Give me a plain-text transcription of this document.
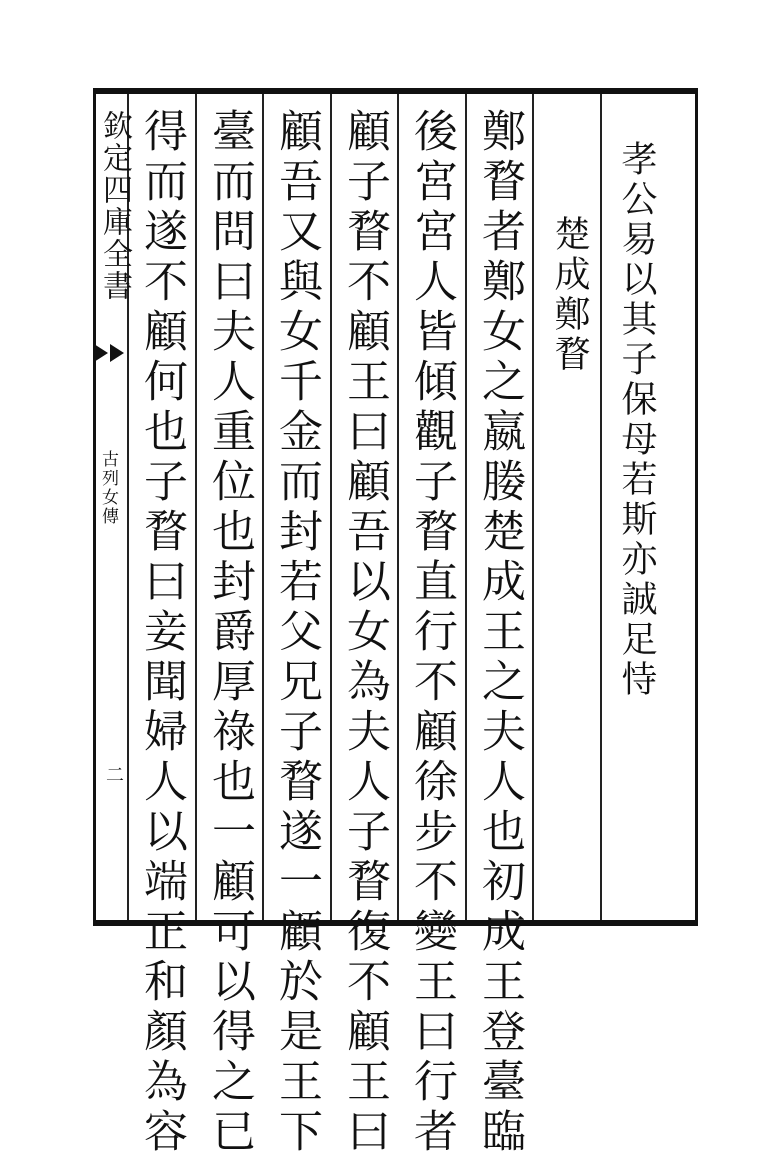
欽定四庫全書
古列女傳
二
孝公易以其子保母若斯亦誠足恃
楚成鄭瞀
鄭瞀者鄭女之嬴媵楚成王之夫人也初成王登臺臨
後宮宮人皆傾觀子瞀直行不顧徐步不變王曰行者
顧子瞀不顧王曰顧吾以女為夫人子瞀復不顧王曰
顧吾又與女千金而封若父兄子瞀遂一顧於是王下
臺而問曰夫人重位也封爵厚祿也一顧可以得之已
得而遂不顧何也子瞀曰妾聞婦人以端正和顏為容
